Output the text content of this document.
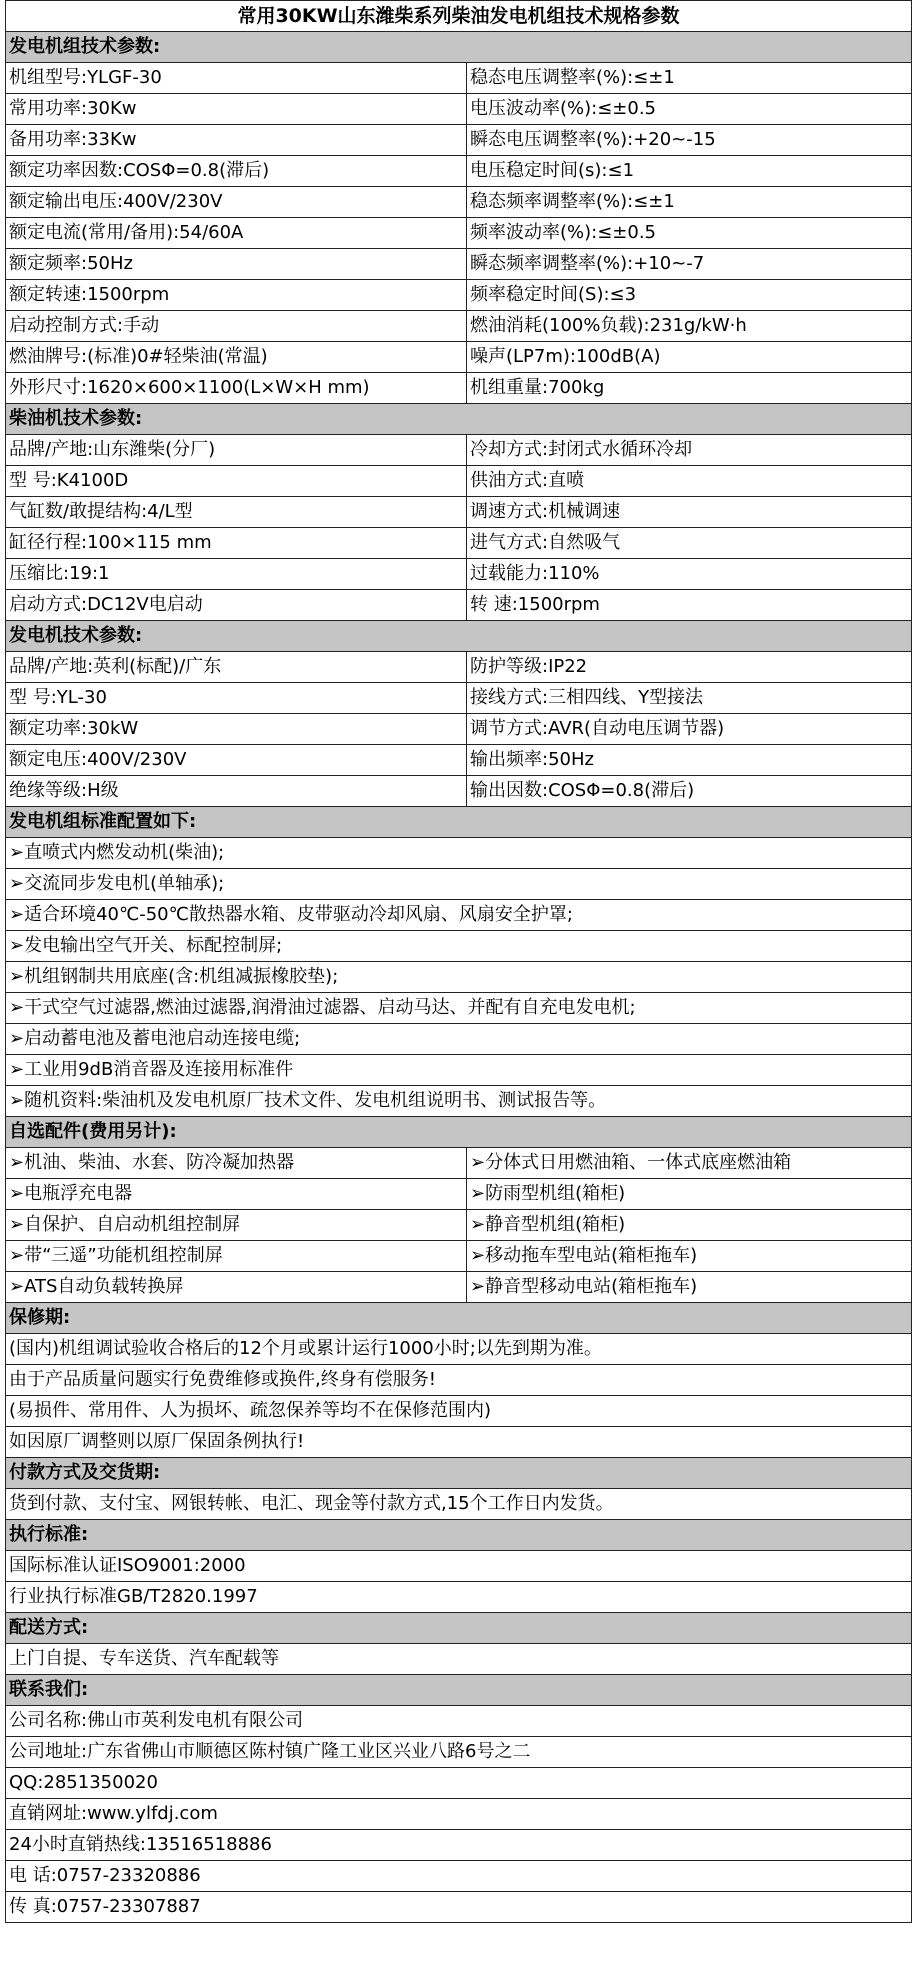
常用30KW山东潍柴系列柴油发电机组技术规格参数	
发电机组技术参数:	
机组型号:YLGF-30	稳态电压调整率(%):≤±1
常用功率:30Kw	电压波动率(%):≤±0.5
备用功率:33Kw	瞬态电压调整率(%):+20~-15
额定功率因数:COSΦ=0.8(滞后)	电压稳定时间(s):≤1
额定输出电压:400V/230V	稳态频率调整率(%):≤±1
额定电流(常用/备用):54/60A	频率波动率(%):≤±0.5
额定频率:50Hz	瞬态频率调整率(%):+10~-7
额定转速:1500rpm	频率稳定时间(S):≤3
启动控制方式:手动	燃油消耗(100%负载):231g/kW·h
燃油牌号:(标准)0#轻柴油(常温)	噪声(LP7m):100dB(A)
外形尺寸:1620×600×1100(L×W×H mm)	机组重量:700kg
柴油机技术参数:	
品牌/产地:山东潍柴(分厂)	冷却方式:封闭式水循环冷却
型 号:K4100D	供油方式:直喷
气缸数/敢提结构:4/L型	调速方式:机械调速
缸径行程:100×115 mm	进气方式:自然吸气
压缩比:19:1	过载能力:110%
启动方式:DC12V电启动	转 速:1500rpm
发电机技术参数:	
品牌/产地:英利(标配)/广东	防护等级:IP22
型 号:YL-30	接线方式:三相四线、Y型接法
额定功率:30kW	调节方式:AVR(自动电压调节器)
额定电压:400V/230V	输出频率:50Hz
绝缘等级:H级	输出因数:COSΦ=0.8(滞后)
发电机组标准配置如下:	
➢直喷式内燃发动机(柴油);	
➢交流同步发电机(单轴承);	
➢适合环境40℃-50℃散热器水箱、皮带驱动冷却风扇、风扇安全护罩;	
➢发电输出空气开关、标配控制屏;	
➢机组钢制共用底座(含:机组减振橡胶垫);	
➢干式空气过滤器,燃油过滤器,润滑油过滤器、启动马达、并配有自充电发电机;	
➢启动蓄电池及蓄电池启动连接电缆;	
➢工业用9dB消音器及连接用标准件	
➢随机资料:柴油机及发电机原厂技术文件、发电机组说明书、测试报告等。	
自选配件(费用另计):	
➢机油、柴油、水套、防冷凝加热器	➢分体式日用燃油箱、一体式底座燃油箱
➢电瓶浮充电器	➢防雨型机组(箱柜)
➢自保护、自启动机组控制屏	➢静音型机组(箱柜)
➢带“三遥”功能机组控制屏	➢移动拖车型电站(箱柜拖车)
➢ATS自动负载转换屏	➢静音型移动电站(箱柜拖车)
保修期:	
(国内)机组调试验收合格后的12个月或累计运行1000小时;以先到期为准。	
由于产品质量问题实行免费维修或换件,终身有偿服务!	
(易损件、常用件、人为损坏、疏忽保养等均不在保修范围内)	
如因原厂调整则以原厂保固条例执行!	
付款方式及交货期:	
货到付款、支付宝、网银转帐、电汇、现金等付款方式,15个工作日内发货。	
执行标准:	
国际标准认证ISO9001:2000	
行业执行标准GB/T2820.1997	
配送方式:	
上门自提、专车送货、汽车配载等	
联系我们:	
公司名称:佛山市英利发电机有限公司	
公司地址:广东省佛山市顺德区陈村镇广隆工业区兴业八路6号之二	
QQ:2851350020	
直销网址:www.ylfdj.com	
24小时直销热线:13516518886	
电 话:0757-23320886	
传 真:0757-23307887	
